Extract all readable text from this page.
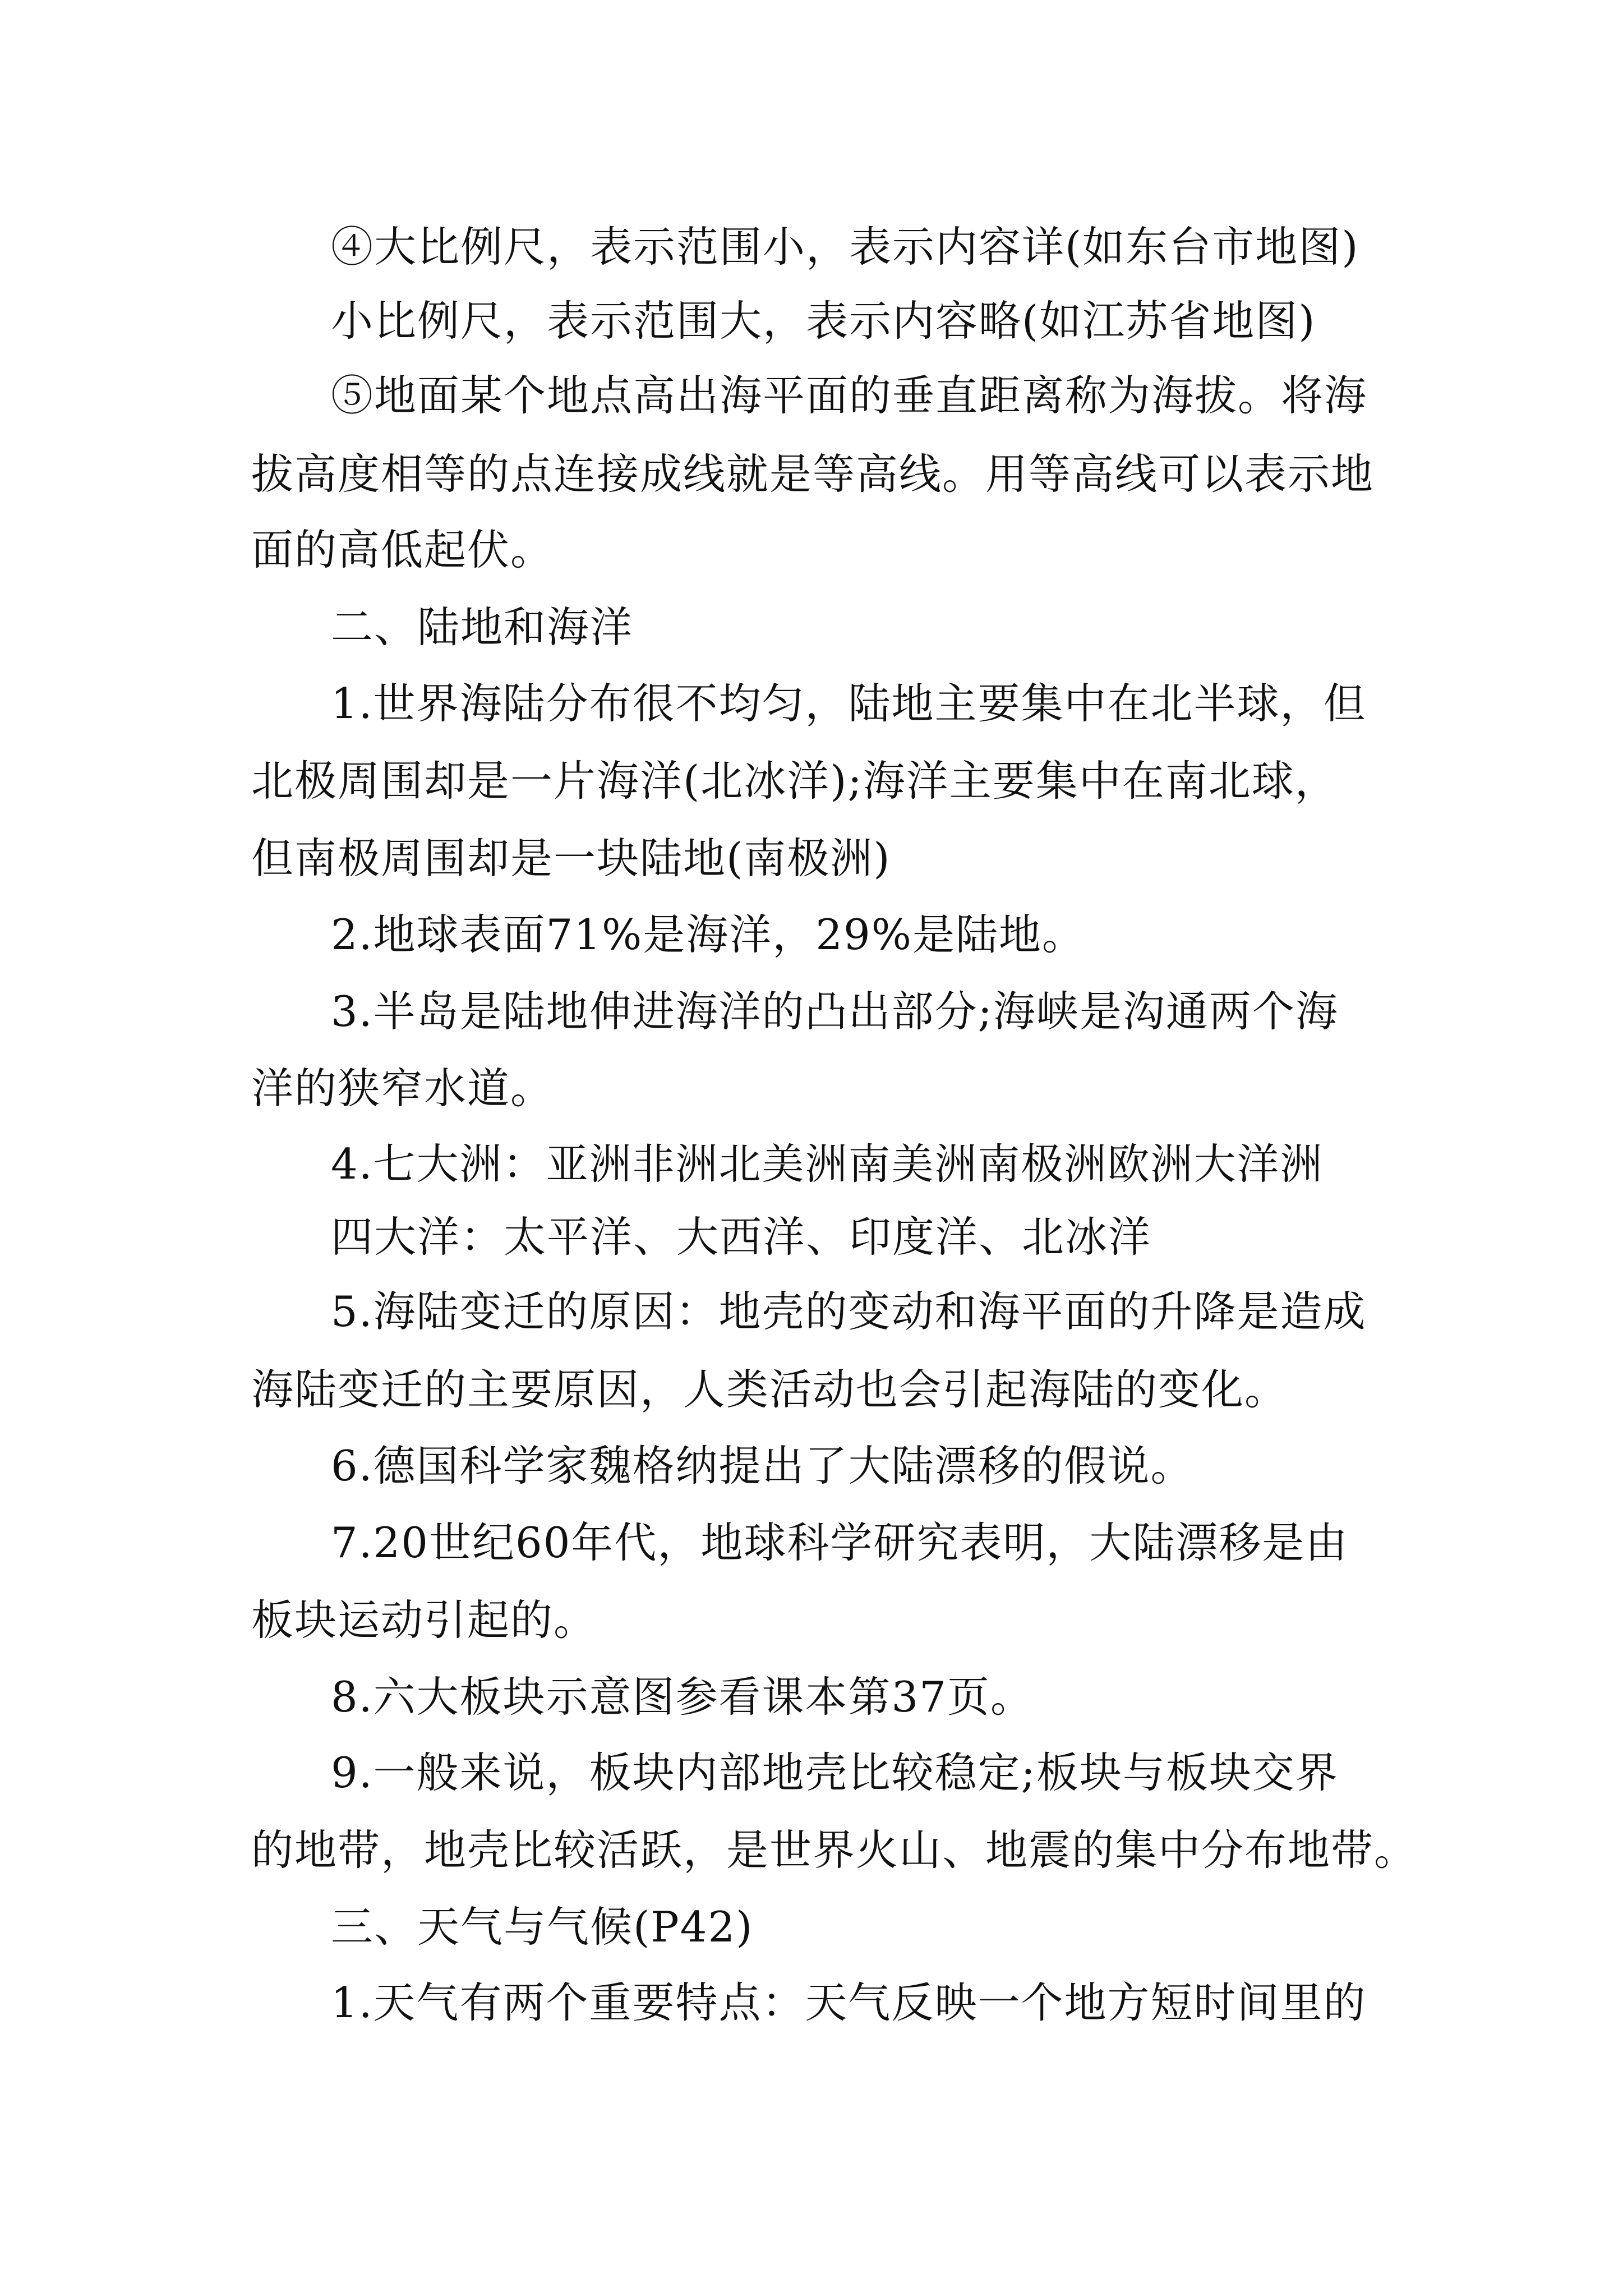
④大比例尺，表示范围小，表示内容详(如东台市地图)
小比例尺，表示范围大，表示内容略(如江苏省地图)
⑤地面某个地点高出海平面的垂直距离称为海拔。将海
拔高度相等的点连接成线就是等高线。用等高线可以表示地
面的高低起伏。
二、陆地和海洋
1.世界海陆分布很不均匀，陆地主要集中在北半球，但
北极周围却是一片海洋(北冰洋);海洋主要集中在南北球，
但南极周围却是一块陆地(南极洲)
2.地球表面71%是海洋，29%是陆地。
3.半岛是陆地伸进海洋的凸出部分;海峡是沟通两个海
洋的狭窄水道。
4.七大洲：亚洲非洲北美洲南美洲南极洲欧洲大洋洲
四大洋：太平洋、大西洋、印度洋、北冰洋
5.海陆变迁的原因：地壳的变动和海平面的升降是造成
海陆变迁的主要原因，人类活动也会引起海陆的变化。
6.德国科学家魏格纳提出了大陆漂移的假说。
7.20世纪60年代，地球科学研究表明，大陆漂移是由
板块运动引起的。
8.六大板块示意图参看课本第37页。
9.一般来说，板块内部地壳比较稳定;板块与板块交界
的地带，地壳比较活跃，是世界火山、地震的集中分布地带。
三、天气与气候(P42)
1.天气有两个重要特点：天气反映一个地方短时间里的
